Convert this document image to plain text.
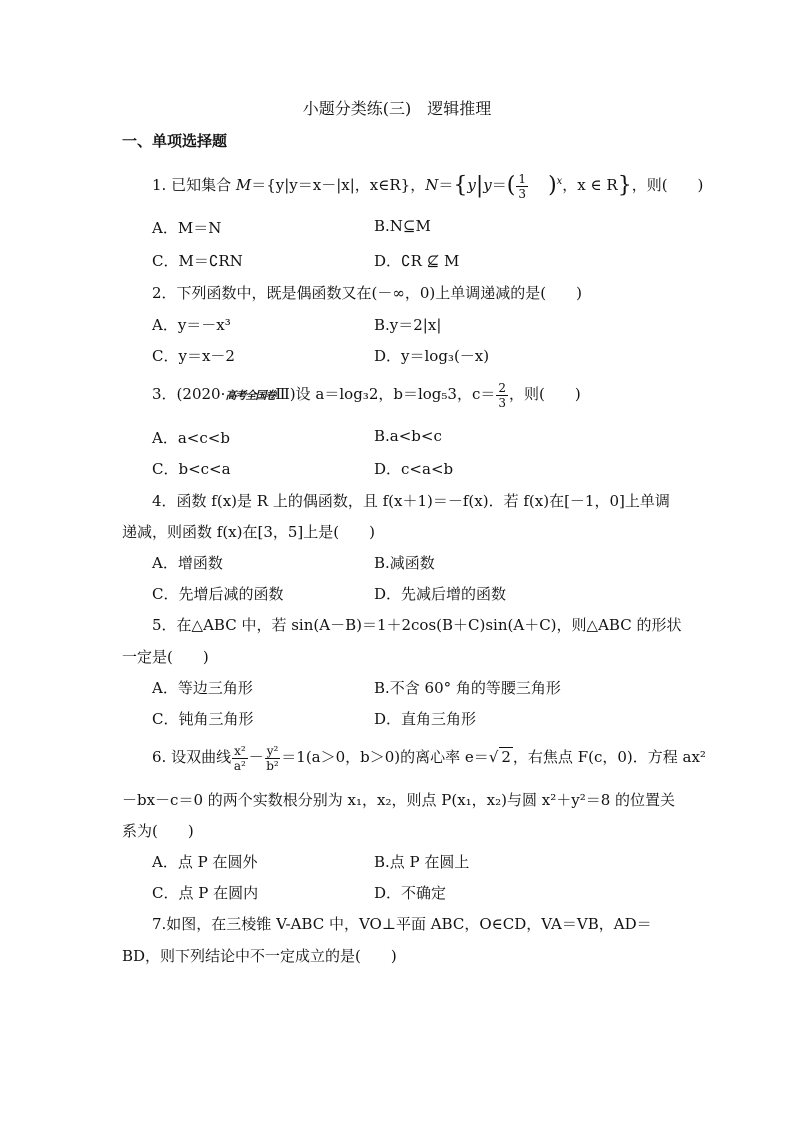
小题分类练(三)　逻辑推理
一、单项选择题
1. 已知集合 M＝{y|y＝x－|x|，x∈R}，$N=\{y|y=( \frac{1}{3} )^x$，x ∈ R}，则(　　)
A．M＝N	B.N⊆M
C．M＝∁RN	D．∁R ⊈ M
2．下列函数中，既是偶函数又在(－∞，0)上单调递减的是(　　)
A．y＝－x³	B.y＝2|x|
C．y＝x－2	D．y＝log₃(－x)
3．(2020·高考全国卷Ⅲ)设 a＝log₃2，b＝log₅3，$c= \frac{2}{3}$ ，则(　　)
A．a<c<b	B.a<b<c
C．b<c<a	D．c<a<b
4．函数 f(x)是 R 上的偶函数，且 f(x＋1)＝－f(x)．若 f(x)在[－1，0]上单调
递减，则函数 f(x)在[3，5]上是(　　)
A．增函数	B.减函数
C．先增后减的函数	D．先减后增的函数
5．在△ABC 中，若 sin(A－B)＝1＋2cos(B＋C)sin(A＋C)，则△ABC 的形状
一定是(　　)
A．等边三角形	B.不含 60° 角的等腰三角形
C．钝角三角形	D．直角三角形
6. 设双曲线 $\frac{\text{x²}}{\text{a²}} - \frac{\text{y²}}{\text{b²}} =1(a>0$，b＞0)的离心率 e＝√ 2 ，右焦点 F(c，0)．方程 ax²
－bx－c＝0 的两个实数根分别为 x₁，x₂，则点 P(x₁，x₂)与圆 x²＋y²＝8 的位置关
系为(　　)
A．点 P 在圆外	B.点 P 在圆上
C．点 P 在圆内	D．不确定
7.如图，在三棱锥 V-ABC 中，VO⊥平面 ABC，O∈CD，VA＝VB，AD＝
BD，则下列结论中不一定成立的是(　　)
